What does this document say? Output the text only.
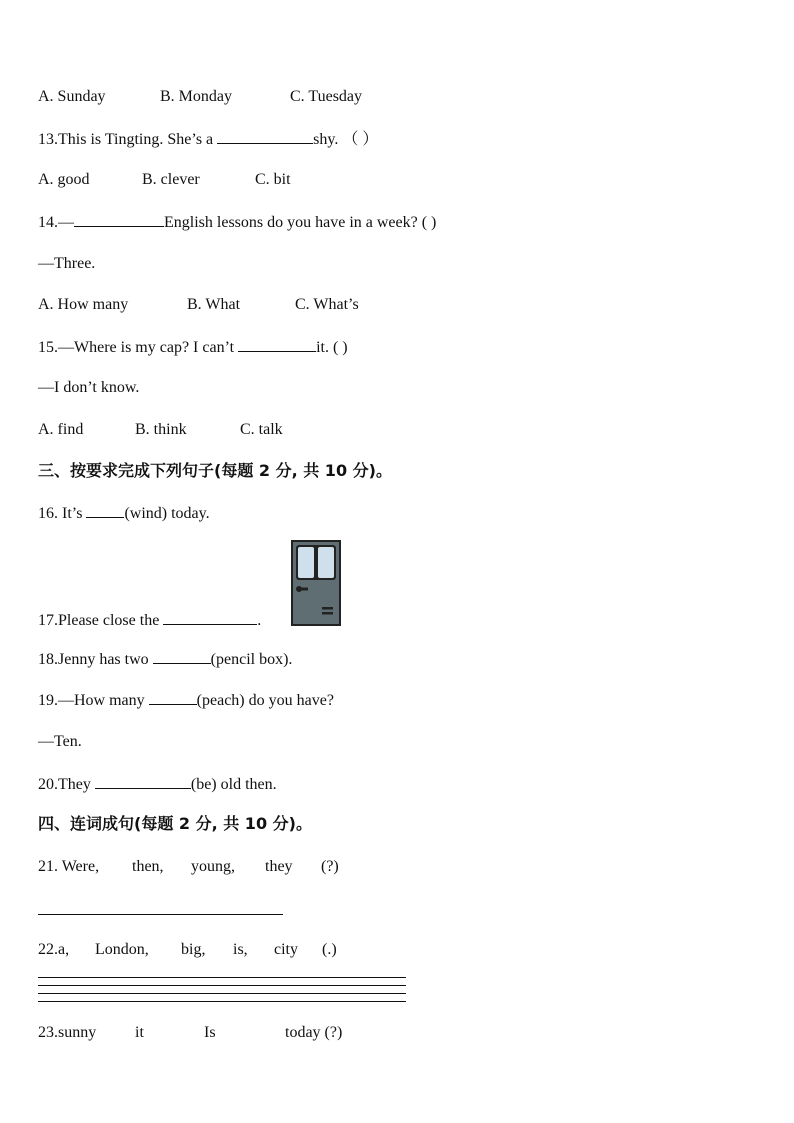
A. Sunday	B. Monday	C. Tuesday
13.This is Tingting. She’s a	shy. （ ）
A. good	B. clever	C. bit
14.—	English lessons do you have in a week? ( )
—Three.
A. How many	B. What	C. What’s
15.—Where is my cap? I can’t	it. ( )
—I don’t know.
A. find	B. think	C. talk
三、按要求完成下列句子(每题 2 分, 共 10 分)。
16. It’s	(wind) today.
17.Please close the	.
18.Jenny has two	(pencil box).
19.—How many	(peach) do you have?
—Ten.
20.They	(be) old then.
四、连词成句(每题 2 分, 共 10 分)。
21. Were, then, young, they (?)
22.a, London, big, is, city (.)
23.sunny it	Is	today (?)
